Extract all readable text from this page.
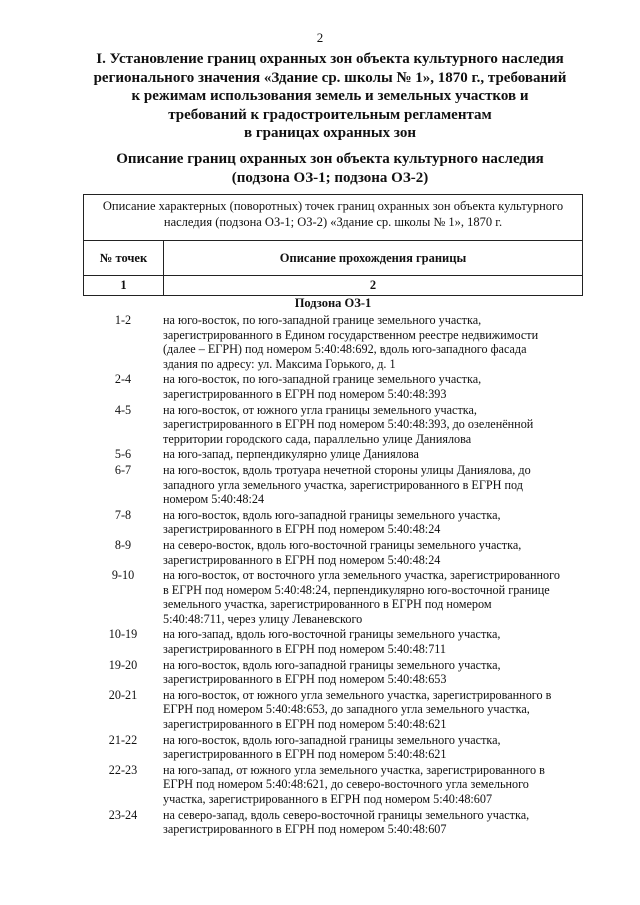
2
I. Установление границ охранных зон объекта культурного наследия
регионального значения «Здание ср. школы № 1», 1870 г., требований
к режимам использования земель и земельных участков и
требований к градостроительным регламентам
в границах охранных зон
Описание границ охранных зон объекта культурного наследия
(подзона ОЗ-1; подзона ОЗ-2)
Описание характерных (поворотных) точек границ охранных зон объекта культурного
наследия (подзона ОЗ-1; ОЗ-2) «Здание ср. школы № 1», 1870 г.
№ точек	Описание прохождения границы
1	2
Подзона ОЗ-1
1-2	на юго-восток, по юго-западной границе земельного участка,
зарегистрированного в Едином государственном реестре недвижимости
(далее – ЕГРН) под номером 5:40:48:692, вдоль юго-западного фасада
здания по адресу: ул. Максима Горького, д. 1
2-4	на юго-восток, по юго-западной границе земельного участка,
зарегистрированного в ЕГРН под номером 5:40:48:393
4-5	на юго-восток, от южного угла границы земельного участка,
зарегистрированного в ЕГРН под номером 5:40:48:393, до озеленённой
территории городского сада, параллельно улице Даниялова
5-6	на юго-запад, перпендикулярно улице Даниялова
6-7	на юго-восток, вдоль тротуара нечетной стороны улицы Даниялова, до
западного угла земельного участка, зарегистрированного в ЕГРН под
номером 5:40:48:24
7-8	на юго-восток, вдоль юго-западной границы земельного участка,
зарегистрированного в ЕГРН под номером 5:40:48:24
8-9	на северо-восток, вдоль юго-восточной границы земельного участка,
зарегистрированного в ЕГРН под номером 5:40:48:24
9-10	на юго-восток, от восточного угла земельного участка, зарегистрированного
в ЕГРН под номером 5:40:48:24, перпендикулярно юго-восточной границе
земельного участка, зарегистрированного в ЕГРН под номером
5:40:48:711, через улицу Леваневского
10-19	на юго-запад, вдоль юго-восточной границы земельного участка,
зарегистрированного в ЕГРН под номером 5:40:48:711
19-20	на юго-восток, вдоль юго-западной границы земельного участка,
зарегистрированного в ЕГРН под номером 5:40:48:653
20-21	на юго-восток, от южного угла земельного участка, зарегистрированного в
ЕГРН под номером 5:40:48:653, до западного угла земельного участка,
зарегистрированного в ЕГРН под номером 5:40:48:621
21-22	на юго-восток, вдоль юго-западной границы земельного участка,
зарегистрированного в ЕГРН под номером 5:40:48:621
22-23	на юго-запад, от южного угла земельного участка, зарегистрированного в
ЕГРН под номером 5:40:48:621, до северо-восточного угла земельного
участка, зарегистрированного в ЕГРН под номером 5:40:48:607
23-24	на северо-запад, вдоль северо-восточной границы земельного участка,
зарегистрированного в ЕГРН под номером 5:40:48:607
